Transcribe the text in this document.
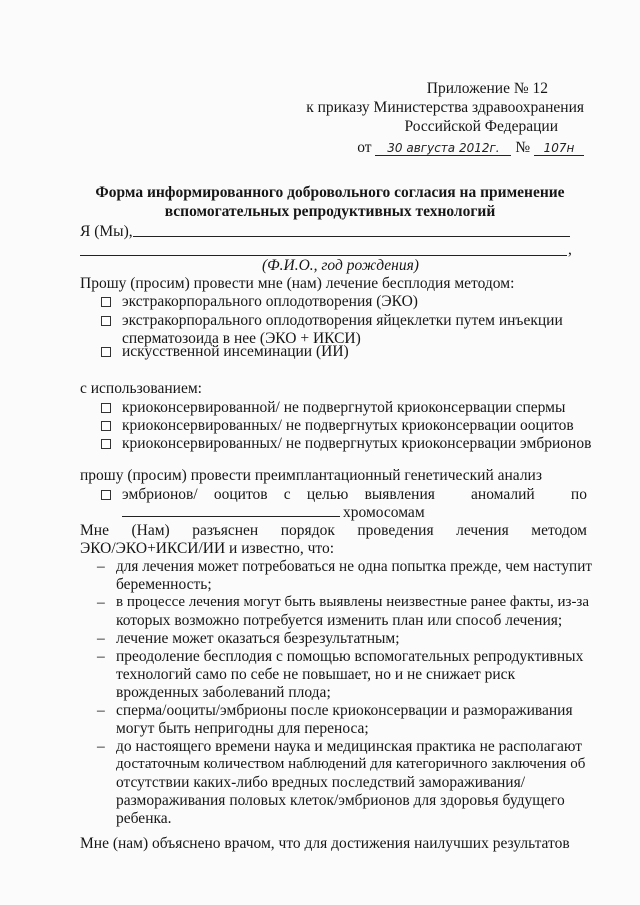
Приложение № 12
к приказу Министерства здравоохранения
Российской Федерации
от 30 августа 2012г. № 107н
Форма информированного добровольного согласия на применение
вспомогательных репродуктивных технологий
Я (Мы),
,
(Ф.И.О., год рождения)
Прошу (просим) провести мне (нам) лечение бесплодия методом:
экстракорпорального оплодотворения (ЭКО)
экстракорпорального оплодотворения яйцеклетки путем инъекции
сперматозоида в нее (ЭКО + ИКСИ)
искусственной инсеминации (ИИ)
с использованием:
криоконсервированной/ не подвергнутой криоконсервации спермы
криоконсервированных/ не подвергнутых криоконсервации ооцитов
криоконсервированных/ не подвергнутых криоконсервации эмбрионов
прошу (просим) провести преимплантационный генетический анализ
эмбрионов/ ооцитов с целью выявления аномалий по
хромосомам
Мне (Нам) разъяснен порядок проведения лечения методом
ЭКО/ЭКО+ИКСИ/ИИ и известно, что:
– для лечения может потребоваться не одна попытка прежде, чем наступит
беременность;
– в процессе лечения могут быть выявлены неизвестные ранее факты, из-за
которых возможно потребуется изменить план или способ лечения;
– лечение может оказаться безрезультатным;
– преодоление бесплодия с помощью вспомогательных репродуктивных
технологий само по себе не повышает, но и не снижает риск
врожденных заболеваний плода;
– сперма/ооциты/эмбрионы после криоконсервации и размораживания
могут быть непригодны для переноса;
– до настоящего времени наука и медицинская практика не располагают
достаточным количеством наблюдений для категоричного заключения об
отсутствии каких-либо вредных последствий замораживания/
размораживания половых клеток/эмбрионов для здоровья будущего
ребенка.
Мне (нам) объяснено врачом, что для достижения наилучших результатов
